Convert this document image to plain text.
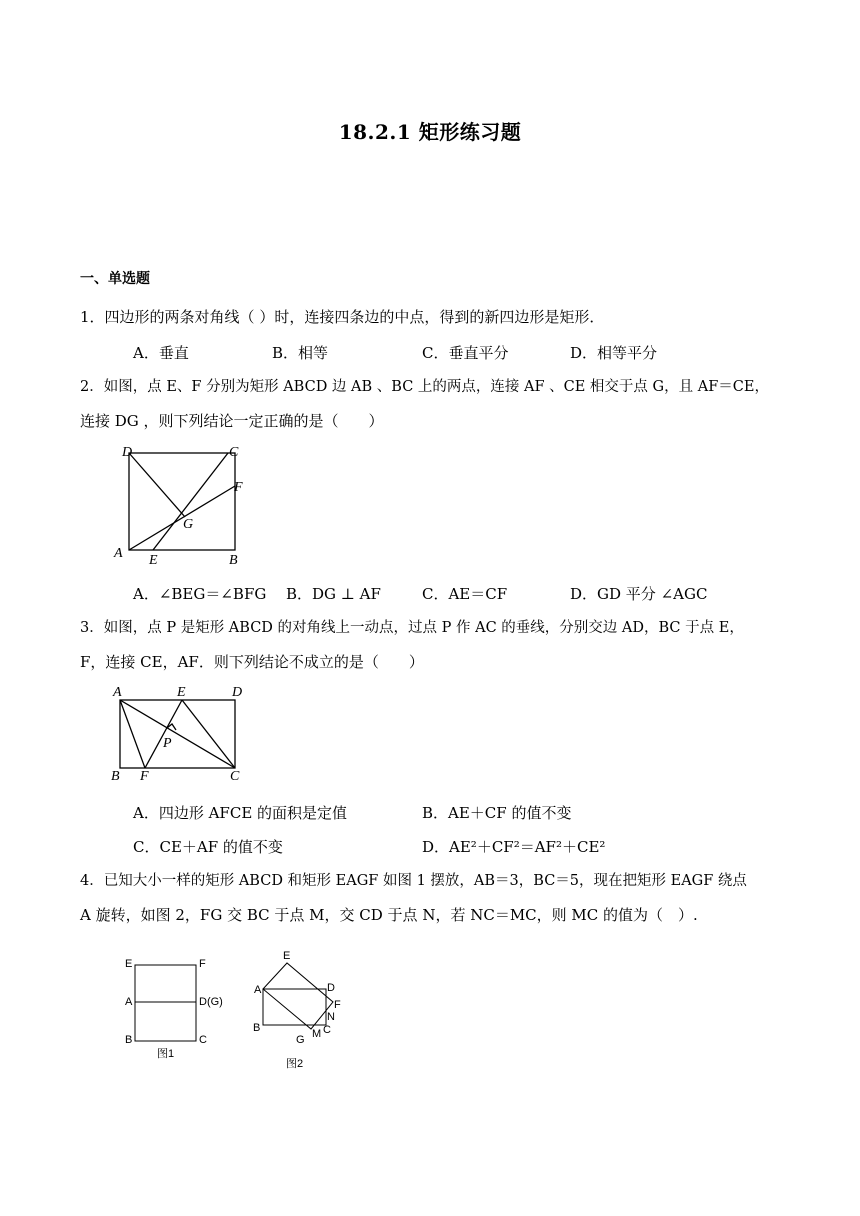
18.2.1 矩形练习题
一、单选题
1．四边形的两条对角线（ ）时，连接四条边的中点，得到的新四边形是矩形．
A．垂直	B．相等	C．垂直平分	D．相等平分
2．如图，点 E、F 分别为矩形 ABCD 边 AB 、BC 上的两点，连接 AF 、CE 相交于点 G，且 AF＝CE，
连接 DG ，则下列结论一定正确的是（　　）
D	C
F
G
A E	B
A．∠BEG＝∠BFG B．DG ⊥ AF	C．AE＝CF	D．GD 平分 ∠AGC
3．如图，点 P 是矩形 ABCD 的对角线上一动点，过点 P 作 AC 的垂线，分别交边 AD，BC 于点 E，
F，连接 CE，AF．则下列结论不成立的是（　　）
A	E	D
P
B F	C
A．四边形 AFCE 的面积是定值	B．AE＋CF 的值不变
C．CE＋AF 的值不变	D．AE²＋CF²＝AF²＋CE²
4．已知大小一样的矩形 ABCD 和矩形 EAGF 如图 1 摆放，AB＝3，BC＝5，现在把矩形 EAGF 绕点
A 旋转，如图 2，FG 交 BC 于点 M，交 CD 于点 N，若 NC＝MC，则 MC 的值为（　）.
E	F
A	D(G)
B	C
图1
E
A	D
F
N
B
G M C
图2
